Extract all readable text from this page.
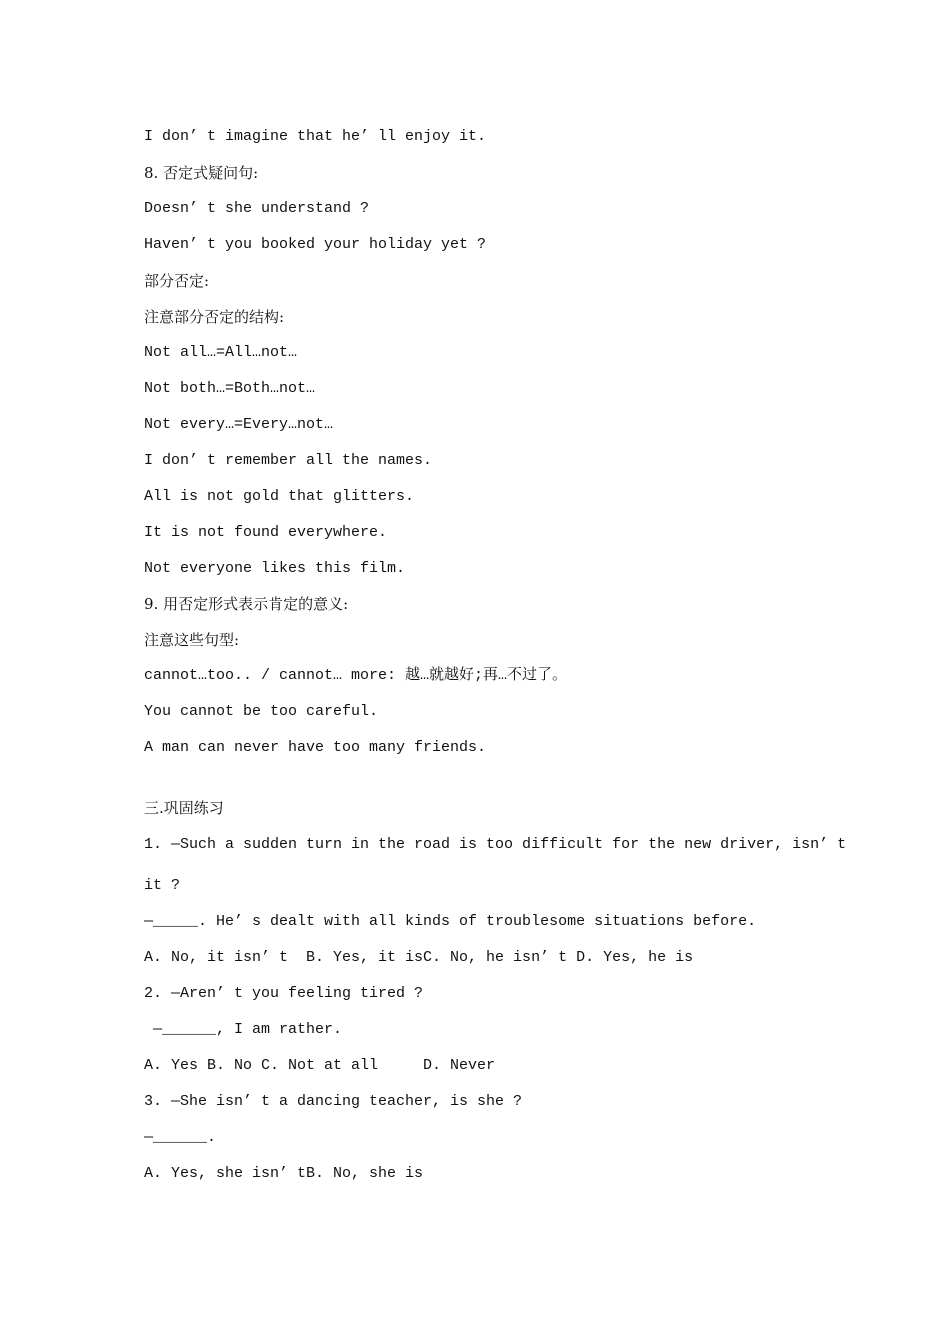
I don’ t imagine that he’ ll enjoy it.
8. 否定式疑问句:
Doesn’ t she understand ?
Haven’ t you booked your holiday yet ?
部分否定:
注意部分否定的结构:
Not all…=All…not…
Not both…=Both…not…
Not every…=Every…not…
I don’ t remember all the names.
All is not gold that glitters.
It is not found everywhere.
Not everyone likes this film.
9. 用否定形式表示肯定的意义:
注意这些句型:
cannot…too.. / cannot… more: 越…就越好;再…不过了。
You cannot be too careful.
A man can never have too many friends.
三.巩固练习
1. —Such a sudden turn in the road is too difficult for the new driver, isn’ t
it ?
—_____. He’ s dealt with all kinds of troublesome situations before.
A. No, it isn’ t  B. Yes, it isC. No, he isn’ t D. Yes, he is
2. —Aren’ t you feeling tired ?
—______, I am rather.
A. Yes B. No C. Not at all     D. Never
3. —She isn’ t a dancing teacher, is she ?
—______.
A. Yes, she isn’ tB. No, she is
